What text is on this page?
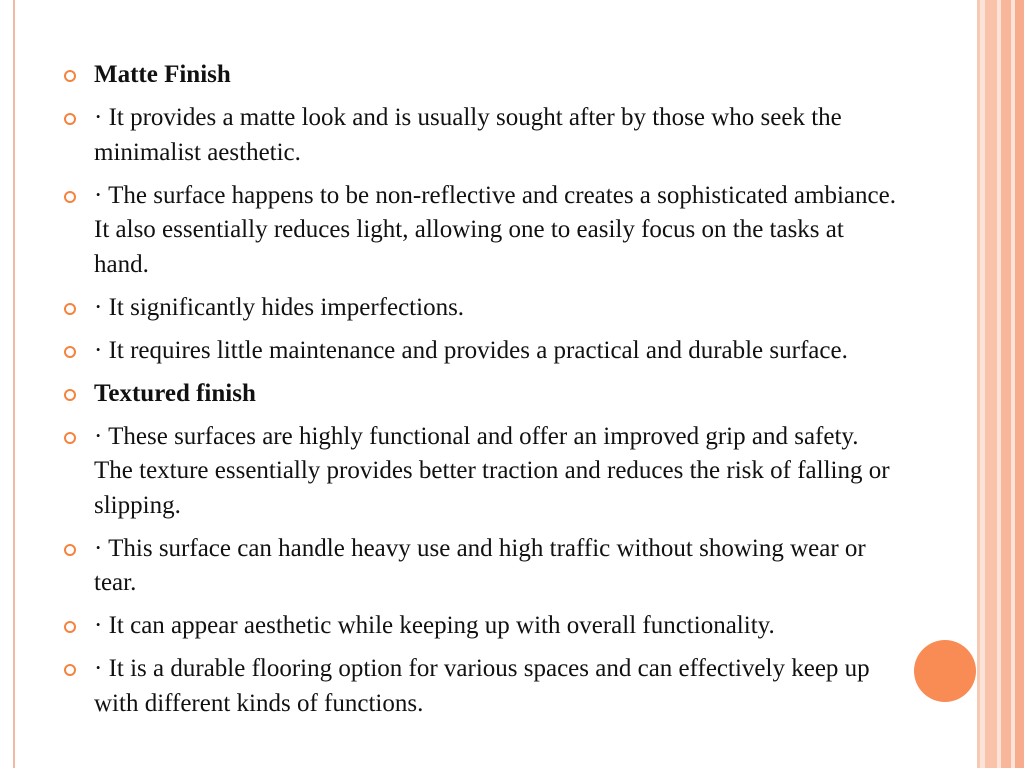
Matte Finish
· It provides a matte look and is usually sought after by those who seek the minimalist aesthetic.
· The surface happens to be non-reflective and creates a sophisticated ambiance. It also essentially reduces light, allowing one to easily focus on the tasks at hand.
· It significantly hides imperfections.
· It requires little maintenance and provides a practical and durable surface.
Textured finish
· These surfaces are highly functional and offer an improved grip and safety. The texture essentially provides better traction and reduces the risk of falling or slipping.
· This surface can handle heavy use and high traffic without showing wear or tear.
· It can appear aesthetic while keeping up with overall functionality.
· It is a durable flooring option for various spaces and can effectively keep up with different kinds of functions.
